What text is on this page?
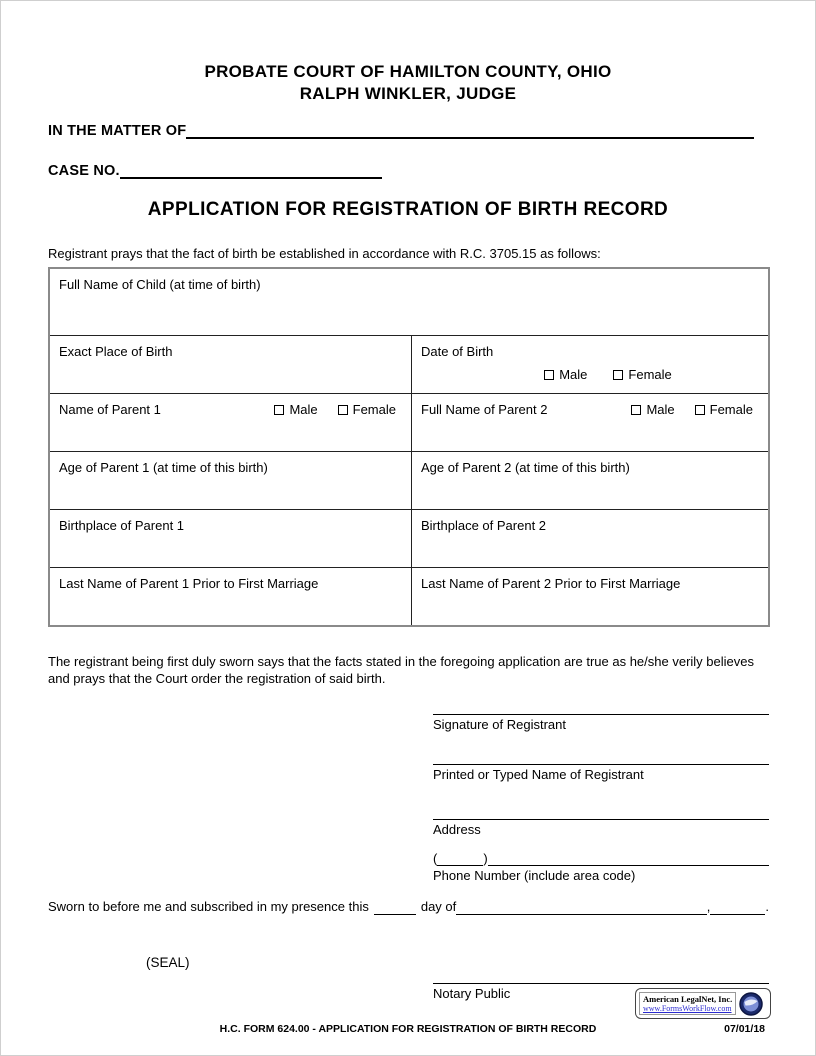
PROBATE COURT OF HAMILTON COUNTY, OHIO
RALPH WINKLER, JUDGE
IN THE MATTER OF
CASE NO.
APPLICATION FOR REGISTRATION OF BIRTH RECORD
Registrant prays that the fact of birth be established in accordance with R.C. 3705.15 as follows:
Full Name of Child (at time of birth)
Exact Place of Birth	Date of Birth
Male	Female
Name of Parent 1	Male	Female Full Name of Parent 2	Male	Female
Age of Parent 1 (at time of this birth)	Age of Parent 2 (at time of this birth)
Birthplace of Parent 1	Birthplace of Parent 2
Last Name of Parent 1 Prior to First Marriage	Last Name of Parent 2 Prior to First Marriage
The registrant being first duly sworn says that the facts stated in the foregoing application are true as he/she verily believes and prays that the Court order the registration of said birth.
Signature of Registrant
Printed or Typed Name of Registrant
Address
(	)
Phone Number (include area code)
Sworn to before me and subscribed in my presence this	day of	,	.
(SEAL)
Notary Public	American LegalNet, Inc.
www.FormsWorkFlow.com
H.C. FORM 624.00 - APPLICATION FOR REGISTRATION OF BIRTH RECORD	07/01/18
